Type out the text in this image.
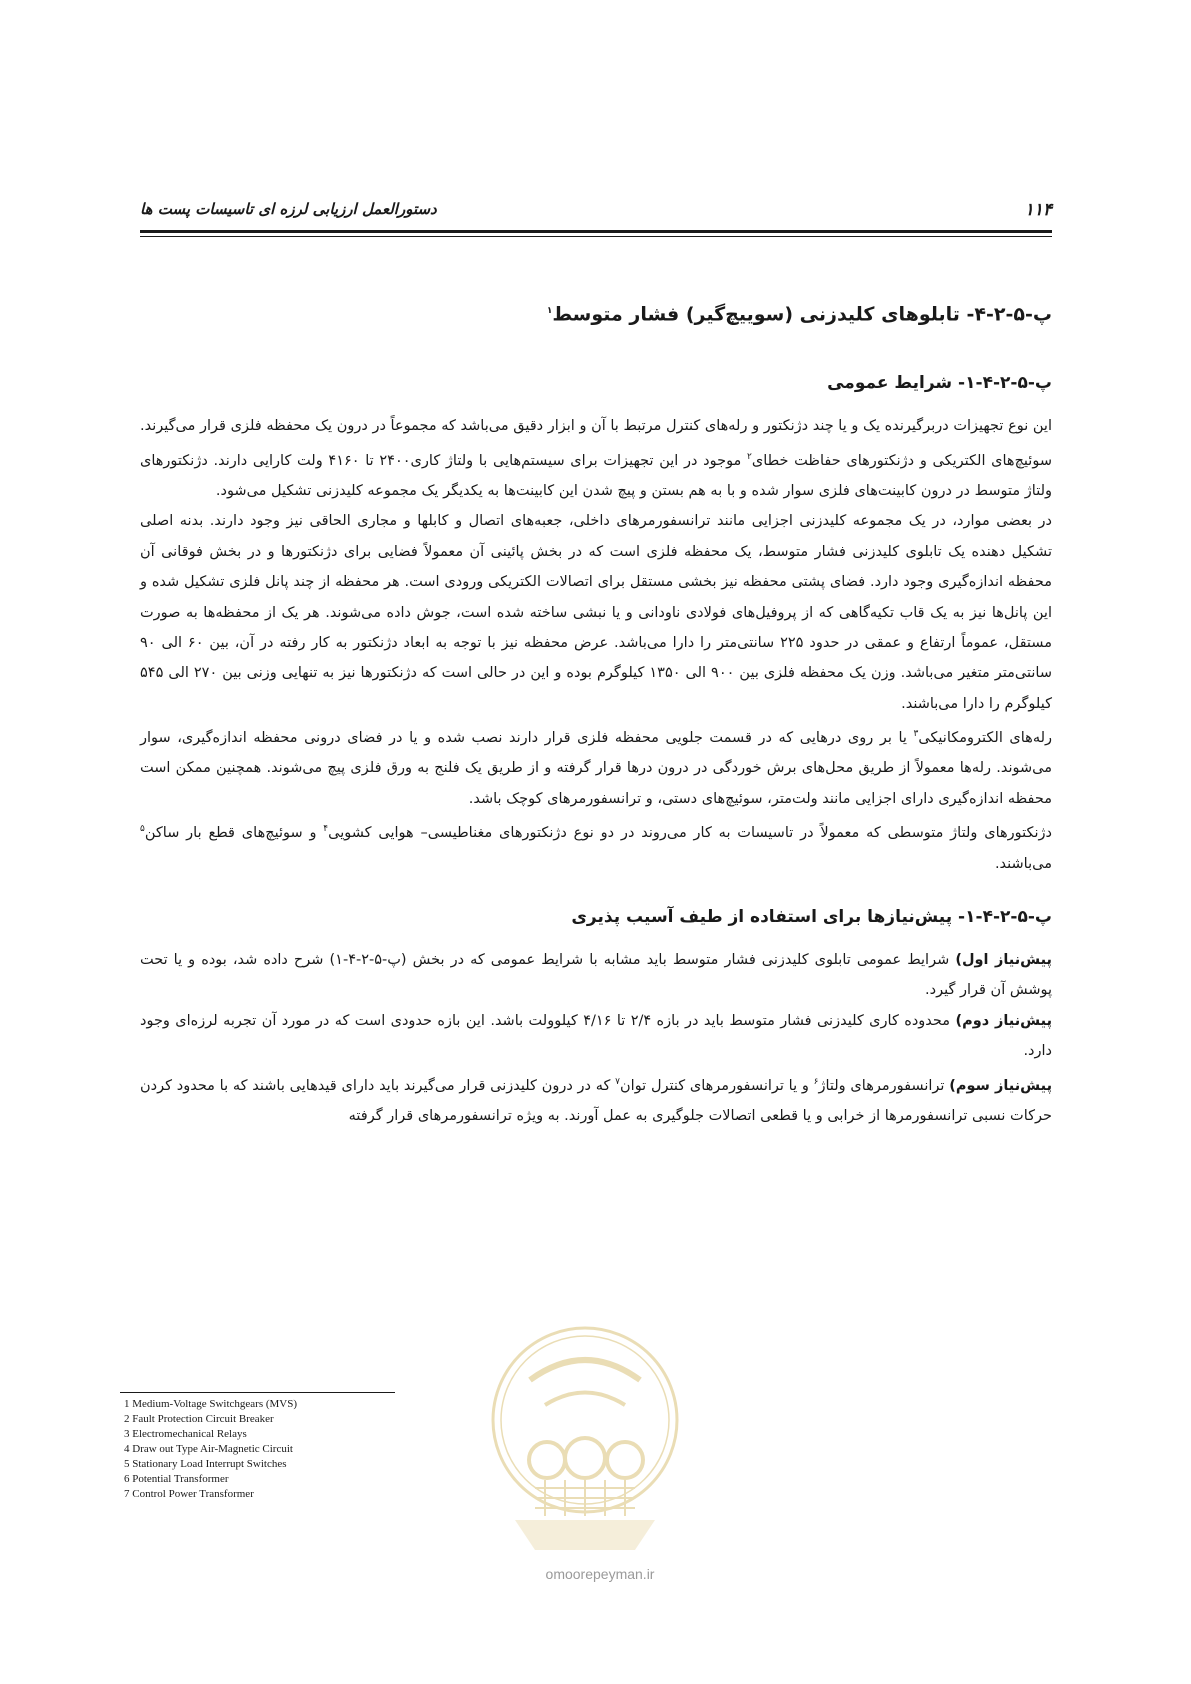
۱۱۴
دستورالعمل ارزیابی لرزه ای تاسیسات پست ها
پ-۵-۲-۴- تابلوهای کلیدزنی (سوییچ‌گیر) فشار متوسط$^۱$
پ-۵-۲-۴-۱- شرایط عمومی

این نوع تجهیزات دربرگیرنده یک و یا چند دژنکتور و رله‌های کنترل مرتبط با آن و ابزار دقیق می‌باشد که مجموعاً در درون یک محفظه فلزی قرار می‌گیرند. سوئیچ‌های الکتریکی و دژنکتورهای حفاظت خطای$^۲$ موجود در این تجهیزات برای سیستم‌هایی با ولتاژ کاری۲۴۰۰ تا ۴۱۶۰ ولت کارایی دارند. دژنکتورهای ولتاژ متوسط در درون کابینت‌های فلزی سوار شده و با به هم بستن و پیچ شدن این کابینت‌ها به یکدیگر یک مجموعه کلیدزنی تشکیل می‌شود.

در بعضی موارد، در یک مجموعه کلیدزنی اجزایی مانند ترانسفورمرهای داخلی، جعبه‌های اتصال و کابلها و مجاری الحاقی نیز وجود دارند. بدنه اصلی تشکیل دهنده یک تابلوی کلیدزنی فشار متوسط، یک محفظه فلزی است که در بخش پائینی آن معمولاً فضایی برای دژنکتورها و در بخش فوقانی آن محفظه اندازه‌گیری وجود دارد. فضای پشتی محفظه نیز بخشی مستقل برای اتصالات الکتریکی ورودی است. هر محفظه از چند پانل فلزی تشکیل شده و این پانل‌ها نیز به یک قاب تکیه‌گاهی که از پروفیل‌های فولادی ناودانی و یا نبشی ساخته شده است، جوش داده می‌شوند. هر یک از محفظه‌ها به صورت مستقل، عموماً ارتفاع و عمقی در حدود ۲۲۵ سانتی‌متر را دارا می‌باشد. عرض محفظه نیز با توجه به ابعاد دژنکتور به کار رفته در آن، بین ۶۰ الی ۹۰ سانتی‌متر متغیر می‌باشد. وزن یک محفظه فلزی بین ۹۰۰ الی ۱۳۵۰ کیلوگرم بوده و این در حالی است که دژنکتورها نیز به تنهایی وزنی بین ۲۷۰ الی ۵۴۵ کیلوگرم را دارا می‌باشند.

رله‌های الکترومکانیکی$^۳$ یا بر روی درهایی که در قسمت جلویی محفظه فلزی قرار دارند نصب شده و یا در فضای درونی محفظه اندازه‌گیری، سوار می‌شوند. رله‌ها معمولاً از طریق محل‌های برش خوردگی در درون درها قرار گرفته و از طریق یک فلنج به ورق فلزی پیچ می‌شوند. همچنین ممکن است محفظه اندازه‌گیری دارای اجزایی مانند ولت‌متر، سوئیچ‌های دستی، و ترانسفورمرهای کوچک باشد.

دژنکتورهای ولتاژ متوسطی که معمولاً در تاسیسات به کار می‌روند در دو نوع دژنکتورهای مغناطیسی– هوایی کشویی$^۴$ و سوئیچ‌های قطع بار ساکن$^۵$ می‌باشند.

پ-۵-۲-۴-۱- پیش‌نیازها برای استفاده از طیف آسیب پذیری

پیش‌نیاز اول) شرایط عمومی تابلوی کلیدزنی فشار متوسط باید مشابه با شرایط عمومی که در بخش (پ-۵-۲-۴-۱) شرح داده شد، بوده و یا تحت پوشش آن قرار گیرد.

پیش‌نیاز دوم) محدوده کاری کلیدزنی فشار متوسط باید در بازه ۲/۴ تا ۴/۱۶ کیلوولت باشد. این بازه حدودی است که در مورد آن تجربه لرزه‌ای وجود دارد.

پیش‌نیاز سوم) ترانسفورمرهای ولتاژ$^۶$ و یا ترانسفورمرهای کنترل توان$^۷$ که در درون کلیدزنی قرار می‌گیرند باید دارای قیدهایی باشند که با محدود کردن حرکات نسبی ترانسفورمرها از خرابی و یا قطعی اتصالات جلوگیری به عمل آورند. به ویژه ترانسفورمرهای قرار گرفته

1 Medium-Voltage Switchgears (MVS)
2 Fault Protection Circuit Breaker
3 Electromechanical Relays
4 Draw out Type Air-Magnetic Circuit
5 Stationary Load Interrupt Switches
6 Potential Transformer
7 Control Power Transformer
omoorepeyman.ir
